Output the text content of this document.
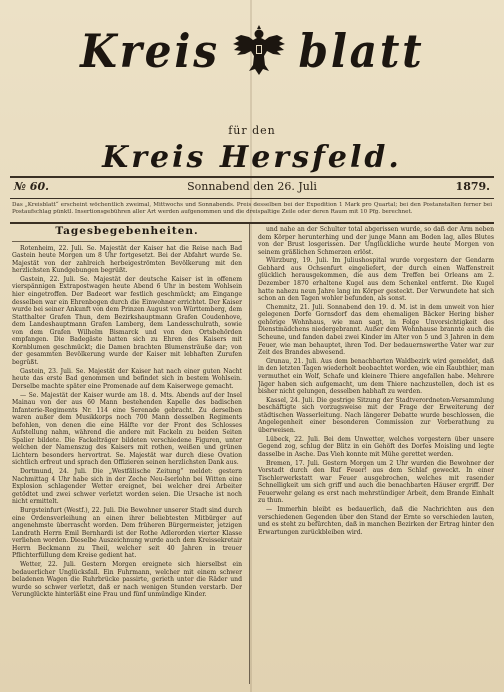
Kreis blatt
für den
Kreis Hersfeld.
№ 60.	Sonnabend den 26. Juli	1879.
Das „Kreisblatt“ erscheint wöchentlich zweimal, Mittwochs und Sonnabends. Preis desselben bei der Expedition 1 Mark pro Quartal; bei den Postanstalten ferner bei Postaufschlag pünktl. Insertionsgebühren aller Art werden aufgenommen und die dreispaltige Zeile oder deren Raum mit 10 Pfg. berechnet.
Tagesbegebenheiten.

Rotenheim, 22. Juli. Se. Majestät der Kaiser hat die Reise nach Bad Gastein heute Morgen um 8 Uhr fortgesetzt. Bei der Abfahrt wurde Se. Majestät von der zahlreich herbeigeströmten Bevölkerung mit den herzlichsten Kundgebungen begrüßt.

Gastein, 22. Juli. Se. Majestät der deutsche Kaiser ist in offenem vierspännigen Extrapostwagen heute Abend 6 Uhr in bestem Wohlsein hier eingetroffen. Der Badeort war festlich geschmückt; am Eingange desselben war ein Ehrenbogen durch die Einwohner errichtet. Der Kaiser wurde bei seiner Ankunft von dem Prinzen August von Württemberg, dem Statthalter Grafen Thun, dem Bezirkshauptmann Grafen Coudenhove, dem Landeshauptmann Grafen Lamberg, dem Landesschulrath, sowie von dem Grafen Wilhelm Bismarck und von den Ortsbehörden empfangen. Die Badegäste hatten sich zu Ehren des Kaisers mit Kornblumen geschmückt; die Damen brachten Blumensträuße dar; von der gesammten Bevölkerung wurde der Kaiser mit lebhaften Zurufen begrüßt.

Gastein, 23. Juli. Se. Majestät der Kaiser hat nach einer guten Nacht heute das erste Bad genommen und befindet sich in bestem Wohlsein. Derselbe machte später eine Promenade auf dem Kaiserwege gemacht.

— Se. Majestät der Kaiser wurde am 18. d. Mts. Abends auf der Insel Mainau von der aus 60 Mann bestehenden Kapelle des badischen Infanterie-Regiments Nr. 114 eine Serenade gebracht. Zu derselben waren außer dem Musikkorps noch 700 Mann desselben Regiments befohlen, von denen die eine Hälfte vor der Front des Schlosses Aufstellung nahm, während die andere mit Fackeln zu beiden Seiten Spalier bildete. Die Fackelträger bildeten verschiedene Figuren, unter welchen der Namenszug des Kaisers mit rothen, weißen und grünen Lichtern besonders hervortrat. Se. Majestät war durch diese Ovation sichtlich erfreut und sprach den Offizieren seinen herzlichsten Dank aus.

Dortmund, 24. Juli. Die „Westfälische Zeitung“ meldet: gestern Nachmittag 4 Uhr habe sich in der Zeche Neu-Iserlohn bei Witten eine Explosion schlagender Wetter ereignet, bei welcher drei Arbeiter getödtet und zwei schwer verletzt worden seien. Die Ursache ist noch nicht ermittelt.

Burgsteinfurt (Westf.), 22. Juli. Die Bewohner unserer Stadt sind durch eine Ordensverleihung an einen ihrer beliebtesten Mitbürger auf angenehmste überrascht worden. Dem früheren Bürgermeister, jetzigen Landrath Herrn Emil Bernhardi ist der Rothe Adlerorden vierter Klasse verliehen worden. Dieselbe Auszeichnung wurde auch dem Kreissekretair Herrn Beckmann zu Theil, welcher seit 40 Jahren in treuer Pflichterfüllung dem Kreise gedient hat.

Wetter, 22. Juli. Gestern Morgen ereignete sich hierselbst ein bedauerlicher Unglücksfall. Ein Fuhrmann, welcher mit einem schwer beladenen Wagen die Ruhrbrücke passirte, gerieth unter die Räder und wurde so schwer verletzt, daß er nach wenigen Stunden verstarb. Der Verunglückte hinterläßt eine Frau und fünf unmündige Kinder.

und nahe an der Schulter total abgerissen wurde, so daß der Arm neben dem Körper herunterhing und der junge Mann am Boden lag, alles Blutes von der Brust losgerissen. Der Unglückliche wurde heute Morgen von seinem gräßlichen Schmerzen erlöst.

Würzburg, 19. Juli. Im Juliushospital wurde vorgestern der Gendarm Gebhard aus Ochsenfurt eingeliefert, der durch einen Waffenstreit glücklich herausgekommen, die aus dem Treffen bei Orleans am 2. Dezember 1870 erhaltene Kugel aus dem Schenkel entfernt. Die Kugel hatte nahezu neun Jahre lang im Körper gesteckt. Der Verwundete hat sich schon an den Tagen wohler befunden, als sonst.

Chemnitz, 21. Juli. Sonnabend den 19. d. M. ist in dem unweit von hier gelegenen Dorfe Gornsdorf das dem ehemaligen Bäcker Hering bisher gehörige Wohnhaus, wie man sagt, in Folge Unvorsichtigkeit des Dienstmädchens niedergebrannt. Außer dem Wohnhause brannte auch die Scheune, und fanden dabei zwei Kinder im Alter von 5 und 3 Jahren in dem Feuer, wie man behauptet, ihren Tod. Der bedauernswerthe Vater war zur Zeit des Brandes abwesend.

Grunau, 21. Juli. Aus dem benachbarten Waldbezirk wird gemeldet, daß in den letzten Tagen wiederholt beobachtet worden, wie ein Raubthier, man vermuthet ein Wolf, Schafe und kleinere Thiere angefallen habe. Mehrere Jäger haben sich aufgemacht, um dem Thiere nachzustellen, doch ist es bisher nicht gelungen, desselben habhaft zu werden.

Kassel, 24. Juli. Die gestrige Sitzung der Stadtverordneten-Versammlung beschäftigte sich vorzugsweise mit der Frage der Erweiterung der städtischen Wasserleitung. Nach längerer Debatte wurde beschlossen, die Angelegenheit einer besonderen Commission zur Vorberathung zu überweisen.

Lübeck, 22. Juli. Bei dem Unwetter, welches vorgestern über unsere Gegend zog, schlug der Blitz in ein Gehöft des Dorfes Moisling und legte dasselbe in Asche. Das Vieh konnte mit Mühe gerettet werden.

Bremen, 17. Juli. Gestern Morgen um 2 Uhr wurden die Bewohner der Vorstadt durch den Ruf Feuer! aus dem Schlaf geweckt. In einer Tischlerwerkstatt war Feuer ausgebrochen, welches mit rasender Schnelligkeit um sich griff und auch die benachbarten Häuser ergriff. Der Feuerwehr gelang es erst nach mehrstündiger Arbeit, dem Brande Einhalt zu thun.

— Immerhin bleibt es bedauerlich, daß die Nachrichten aus den verschiedenen Gegenden über den Stand der Ernte so verschieden lauten, und es steht zu befürchten, daß in manchen Bezirken der Ertrag hinter den Erwartungen zurückbleiben wird.
